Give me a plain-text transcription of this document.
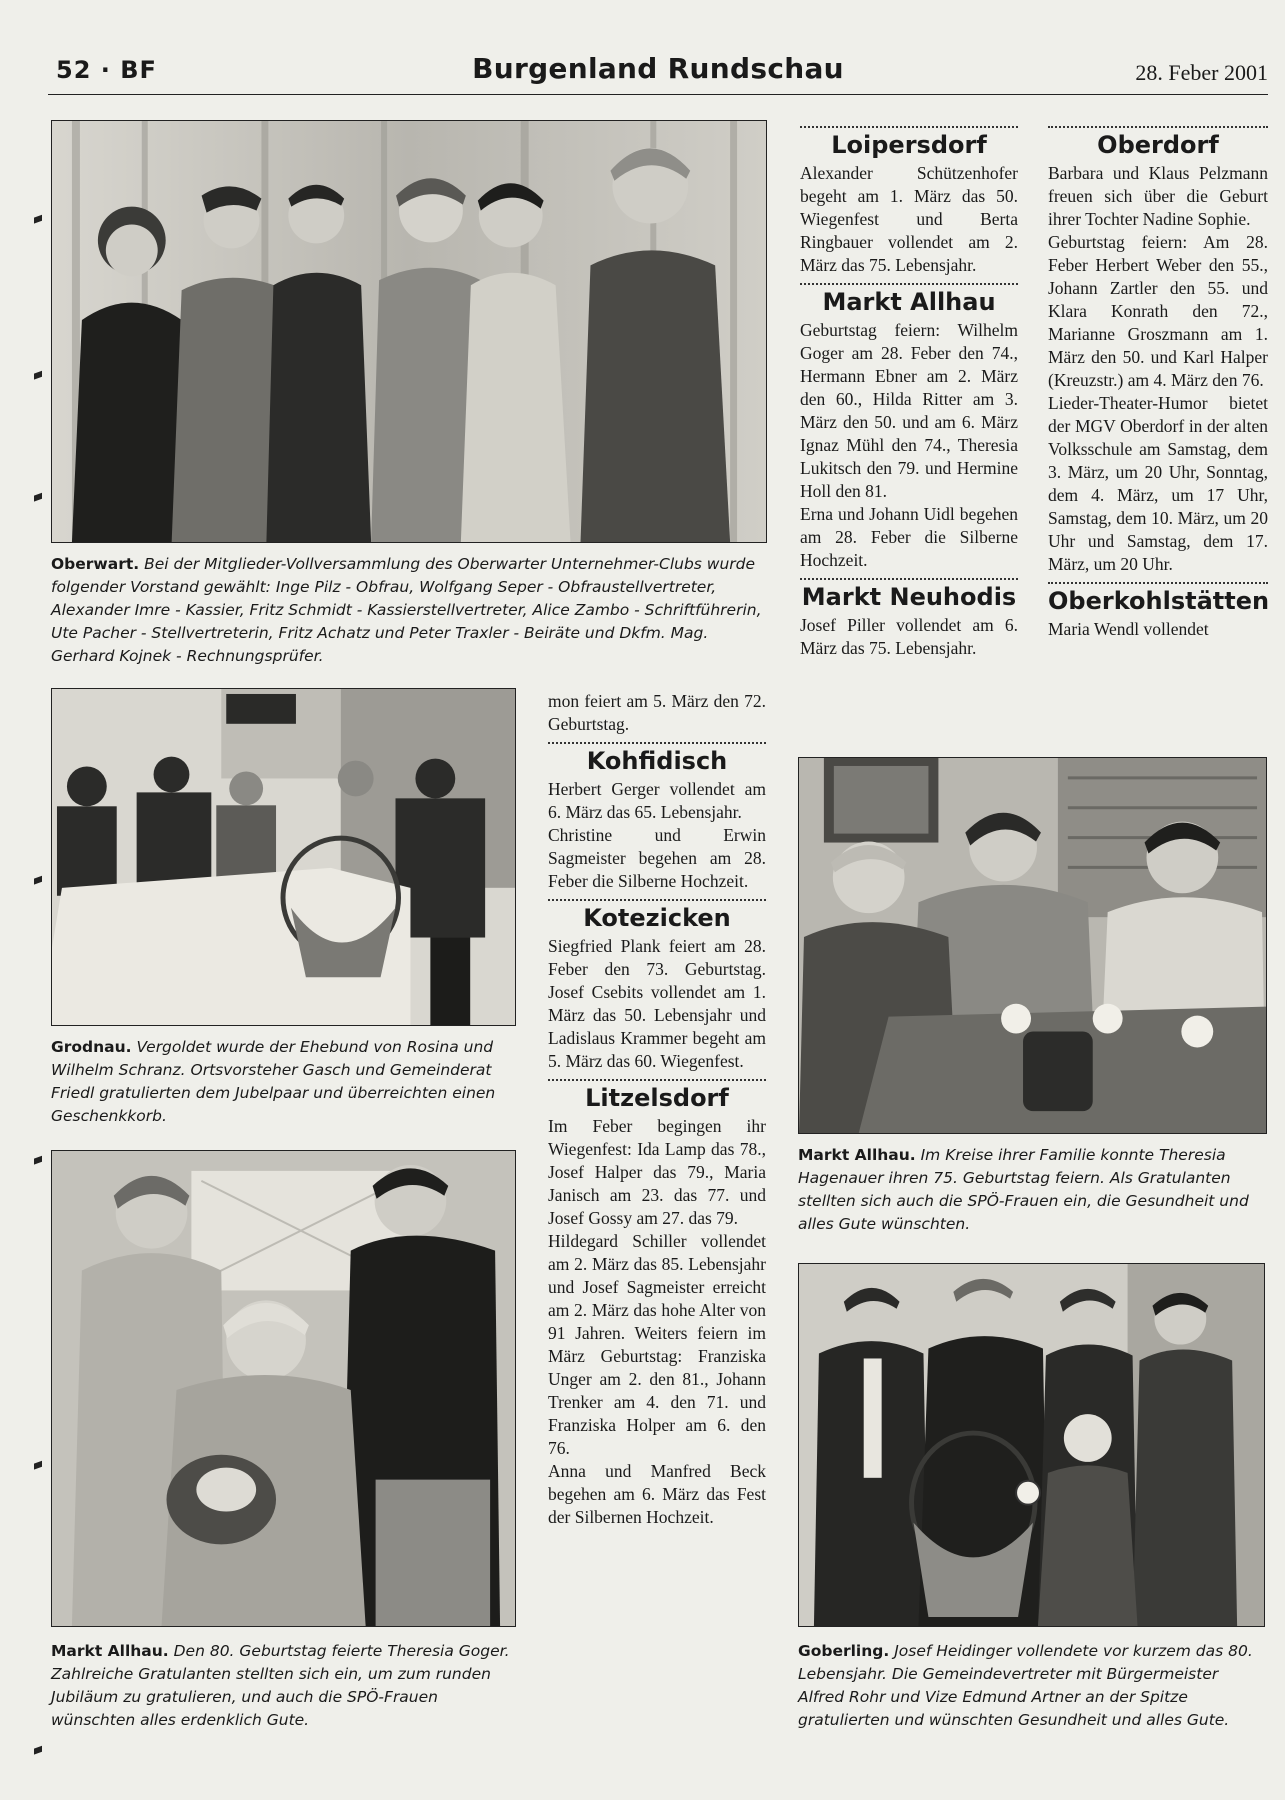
52 · BF	Burgenland Rundschau	28. Feber 2001
Oberwart. Bei der Mitglieder-Vollversammlung des Oberwarter Unternehmer-Clubs wurde folgender Vorstand gewählt: Inge Pilz - Obfrau, Wolfgang Seper - Obfraustellvertreter, Alexander Imre - Kassier, Fritz Schmidt - Kassierstellvertreter, Alice Zambo - Schriftführerin, Ute Pacher - Stellvertreterin, Fritz Achatz und Peter Traxler - Beiräte und Dkfm. Mag. Gerhard Kojnek - Rechnungsprüfer.
Grodnau. Vergoldet wurde der Ehebund von Rosina und Wilhelm Schranz. Ortsvorsteher Gasch und Gemeinderat Friedl gratulierten dem Jubelpaar und überreichten einen Geschenkkorb.
Markt Allhau. Den 80. Geburtstag feierte Theresia Goger. Zahlreiche Gratulanten stellten sich ein, um zum runden Jubiläum zu gratulieren, und auch die SPÖ-Frauen wünschten alles erdenklich Gute.

mon feiert am 5. März den 72. Geburtstag.

Kohfidisch

Herbert Gerger vollendet am 6. März das 65. Lebensjahr.

Christine und Erwin Sagmeister begehen am 28. Feber die Silberne Hochzeit.

Kotezicken

Siegfried Plank feiert am 28. Feber den 73. Geburtstag. Josef Csebits vollendet am 1. März das 50. Lebensjahr und Ladislaus Krammer begeht am 5. März das 60. Wiegenfest.

Litzelsdorf

Im Feber begingen ihr Wiegenfest: Ida Lamp das 78., Josef Halper das 79., Maria Janisch am 23. das 77. und Josef Gossy am 27. das 79.

Hildegard Schiller vollendet am 2. März das 85. Lebensjahr und Josef Sagmeister erreicht am 2. März das hohe Alter von 91 Jahren. Weiters feiern im März Geburtstag: Franziska Unger am 2. den 81., Johann Trenker am 4. den 71. und Franziska Holper am 6. den 76.

Anna und Manfred Beck begehen am 6. März das Fest der Silbernen Hochzeit.

Loipersdorf

Alexander Schützenhofer begeht am 1. März das 50. Wiegenfest und Berta Ringbauer vollendet am 2. März das 75. Lebensjahr.

Markt Allhau

Geburtstag feiern: Wilhelm Goger am 28. Feber den 74., Hermann Ebner am 2. März den 60., Hilda Ritter am 3. März den 50. und am 6. März Ignaz Mühl den 74., Theresia Lukitsch den 79. und Hermine Holl den 81.

Erna und Johann Uidl begehen am 28. Feber die Silberne Hochzeit.

Markt Neuhodis

Josef Piller vollendet am 6. März das 75. Lebensjahr.

Oberdorf

Barbara und Klaus Pelzmann freuen sich über die Geburt ihrer Tochter Nadine Sophie.

Geburtstag feiern: Am 28. Feber Herbert Weber den 55., Johann Zartler den 55. und Klara Konrath den 72., Marianne Groszmann am 1. März den 50. und Karl Halper (Kreuzstr.) am 4. März den 76.

Lieder-Theater-Humor bietet der MGV Oberdorf in der alten Volksschule am Samstag, dem 3. März, um 20 Uhr, Sonntag, dem 4. März, um 17 Uhr, Samstag, dem 10. März, um 20 Uhr und Samstag, dem 17. März, um 20 Uhr.

Oberkohlstätten

Maria Wendl vollendet

Markt Allhau. Im Kreise ihrer Familie konnte Theresia Hagenauer ihren 75. Geburtstag feiern. Als Gratulanten stellten sich auch die SPÖ-Frauen ein, die Gesundheit und alles Gute wünschten.
Goberling. Josef Heidinger vollendete vor kurzem das 80. Lebensjahr. Die Gemeindevertreter mit Bürgermeister Alfred Rohr und Vize Edmund Artner an der Spitze gratulierten und wünschten Gesundheit und alles Gute.
